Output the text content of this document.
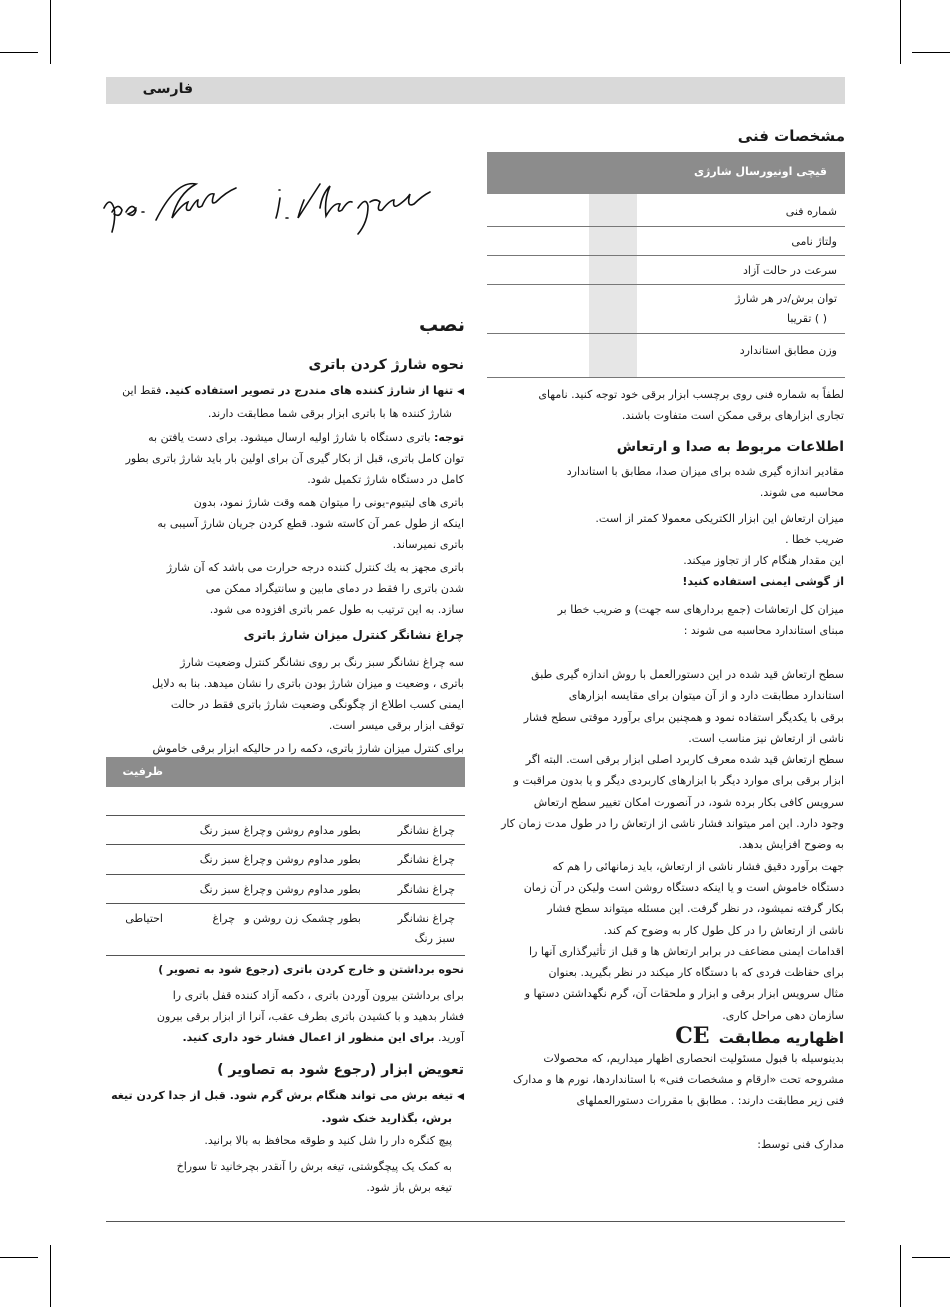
فارسی
مشخصات فنی
قیچی اونیورسال شارژی
شماره فنی
ولتاژ نامی
سرعت در حالت آزاد
توان برش/در هر شارژ
( ) تقریبا
وزن مطابق استاندارد
لطفاً به شماره فنی روی برچسب ابزار برقی خود توجه کنید. نامهای
تجاری ابزارهای برقی ممکن است متفاوت باشند.
اطلاعات مربوط به صدا و ارتعاش
مقادیر اندازه گیری شده برای میزان صدا، مطابق با استاندارد
محاسبه می شوند.
میزان ارتعاش این ابزار الکتریکی معمولا کمتر از است.
ضریب خطا .
این مقدار هنگام کار از تجاوز میکند.
از گوشی ایمنی استفاده کنید!
میزان کل ارتعاشات (جمع بردارهای سه جهت) و ضریب خطا بر
مبنای استاندارد محاسبه می شوند :
سطح ارتعاش قید شده در این دستورالعمل با روش اندازه گیری طبق
استاندارد مطابقت دارد و از آن میتوان برای مقایسه ابزارهای
برقی با یکدیگر استفاده نمود و همچنین برای برآورد موقتی سطح فشار
ناشی از ارتعاش نیز مناسب است.
سطح ارتعاش قید شده معرف کاربرد اصلی ابزار برقی است. البته اگر
ابزار برقی برای موارد دیگر با ابزارهای کاربردی دیگر و یا بدون مراقبت و
سرویس کافی بکار برده شود، در آنصورت امکان تغییر سطح ارتعاش
وجود دارد. این امر میتواند فشار ناشی از ارتعاش را در طول مدت زمان کار
به وضوح افزایش بدهد.
جهت برآورد دقیق فشار ناشی از ارتعاش، باید زمانهائی را هم که
دستگاه خاموش است و یا اینکه دستگاه روشن است ولیکن در آن زمان
بکار گرفته نمیشود، در نظر گرفت. این مسئله میتواند سطح فشار
ناشی از ارتعاش را در کل طول کار به وضوح کم کند.
اقدامات ایمنی مضاعف در برابر ارتعاش ها و قبل از تأثیرگذاری آنها را
برای حفاظت فردی که با دستگاه کار میکند در نظر بگیرید. بعنوان
مثال سرویس ابزار برقی و ابزار و ملحقات آن، گرم نگهداشتن دستها و
سازمان دهی مراحل کاری.
اظهاریه مطابقت CE
بدینوسیله با قبول مسئولیت انحصاری اظهار میداریم، که محصولات
مشروحه تحت «ارقام و مشخصات فنی» با استانداردها، نورم ها و مدارک
فنی زیر مطابقت دارند: . مطابق با مقررات دستورالعملهای
مدارک فنی توسط:
نصب
نحوه شارژ کردن باتری
◀تنها از شارژ کننده های مندرج در تصویر استفاده کنید. فقط این
شارژ کننده ها با باتری ابزار برقی شما مطابقت دارند.
توجه: باتری دستگاه با شارژ اولیه ارسال میشود. برای دست یافتن به
توان کامل باتری، قبل از بکار گیری آن برای اولین بار باید شارژ باتری بطور
کامل در دستگاه شارژ تکمیل شود.
باتری های لیتیوم-یونی را میتوان همه وقت شارژ نمود، بدون
اینکه از طول عمر آن کاسته شود. قطع کردن جریان شارژ آسیبی به
باتری نمیرساند.
باتری مجهز به یك کنترل کننده درجه حرارت می باشد که آن شارژ
شدن باتری را فقط در دمای مابین و سانتیگراد ممکن می
سازد. به این ترتیب به طول عمر باتری افزوده می شود.
چراغ نشانگر کنترل میزان شارژ باتری
سه چراغ نشانگر سبز رنگ بر روی نشانگر کنترل وضعیت شارژ
باتری ، وضعیت و میزان شارژ بودن باتری را نشان میدهد. بنا به دلایل
ایمنی کسب اطلاع از چگونگی وضعیت شارژ باتری فقط در حالت
توقف ابزار برقی میسر است.
برای کنترل میزان شارژ باتری، دکمه را در حالیکه ابزار برقی خاموش
ظرفیت
چراغ نشانگر
بطور مداوم روشن و
چراغ سبز رنگ
چراغ نشانگر
بطور مداوم روشن و
چراغ سبز رنگ
چراغ نشانگر
بطور مداوم روشن و
چراغ سبز رنگ
چراغ نشانگر
بطور چشمک زن روشن و
چراغ
احتیاطی
سبز رنگ
نحوه برداشتن و خارج کردن باتری (رجوع شود به تصویر )
برای برداشتن بیرون آوردن باتری ، دکمه آزاد کننده قفل باتری را
فشار بدهید و با کشیدن باتری بطرف عقب، آنرا از ابزار برقی بیرون
آورید. برای این منظور از اعمال فشار خود داری کنید.
تعویض ابزار (رجوع شود به تصاویر )
◀تیغه برش می تواند هنگام برش گرم شود. قبل از جدا کردن تیغه
برش، بگذارید خنک شود.
پیچ کنگره دار را شل کنید و طوقه محافظ به بالا برانید.
به کمک یک پیچگوشتی، تیغه برش را آنقدر بچرخانید تا سوراخ
تیغه برش باز شود.
